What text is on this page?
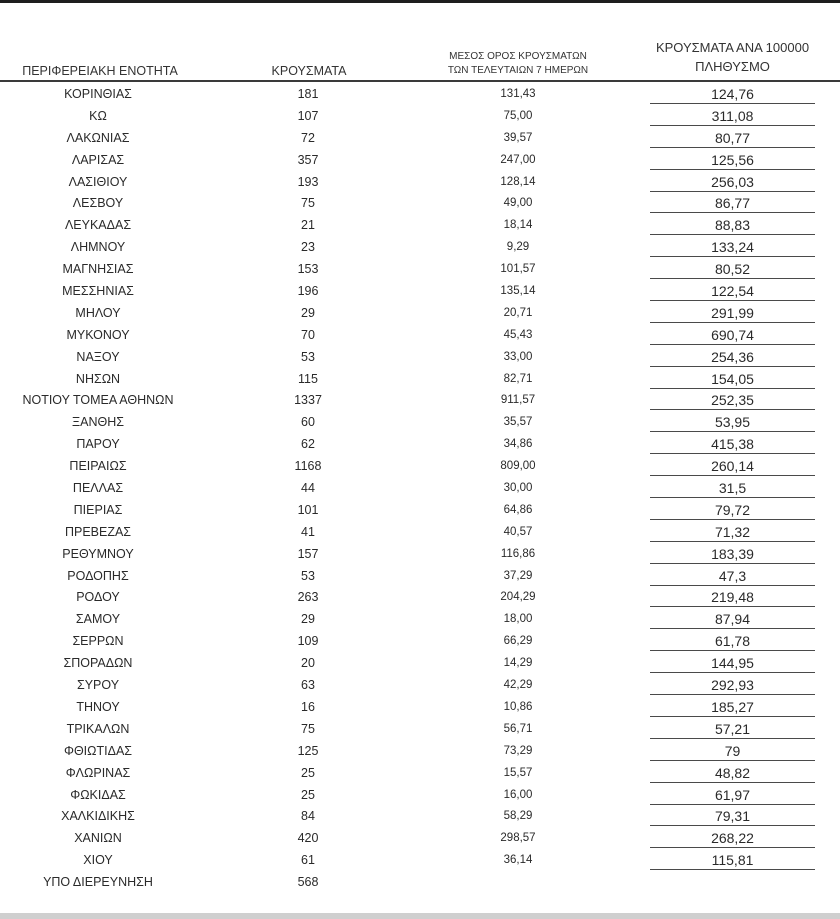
ΠΕΡΙΦΕΡΕΙΑΚΗ ΕΝΟΤΗΤΑ	ΚΡΟΥΣΜΑΤΑ
ΜΕΣΟΣ ΟΡΟΣ ΚΡΟΥΣΜΑΤΩΝ
ΤΩΝ ΤΕΛΕΥΤΑΙΩΝ 7 ΗΜΕΡΩΝ
ΚΡΟΥΣΜΑΤΑ ΑΝΑ 100000
ΠΛΗΘΥΣΜΟ
ΚΟΡΙΝΘΙΑΣ	181	131,43	124,76
ΚΩ	107	75,00	311,08
ΛΑΚΩΝΙΑΣ	72	39,57	80,77
ΛΑΡΙΣΑΣ	357	247,00	125,56
ΛΑΣΙΘΙΟΥ	193	128,14	256,03
ΛΕΣΒΟΥ	75	49,00	86,77
ΛΕΥΚΑΔΑΣ	21	18,14	88,83
ΛΗΜΝΟΥ	23	9,29	133,24
ΜΑΓΝΗΣΙΑΣ	153	101,57	80,52
ΜΕΣΣΗΝΙΑΣ	196	135,14	122,54
ΜΗΛΟΥ	29	20,71	291,99
ΜΥΚΟΝΟΥ	70	45,43	690,74
ΝΑΞΟΥ	53	33,00	254,36
ΝΗΣΩΝ	115	82,71	154,05
ΝΟΤΙΟΥ ΤΟΜΕΑ ΑΘΗΝΩΝ	1337	911,57	252,35
ΞΑΝΘΗΣ	60	35,57	53,95
ΠΑΡΟΥ	62	34,86	415,38
ΠΕΙΡΑΙΩΣ	1168	809,00	260,14
ΠΕΛΛΑΣ	44	30,00	31,5
ΠΙΕΡΙΑΣ	101	64,86	79,72
ΠΡΕΒΕΖΑΣ	41	40,57	71,32
ΡΕΘΥΜΝΟΥ	157	116,86	183,39
ΡΟΔΟΠΗΣ	53	37,29	47,3
ΡΟΔΟΥ	263	204,29	219,48
ΣΑΜΟΥ	29	18,00	87,94
ΣΕΡΡΩΝ	109	66,29	61,78
ΣΠΟΡΑΔΩΝ	20	14,29	144,95
ΣΥΡΟΥ	63	42,29	292,93
ΤΗΝΟΥ	16	10,86	185,27
ΤΡΙΚΑΛΩΝ	75	56,71	57,21
ΦΘΙΩΤΙΔΑΣ	125	73,29	79
ΦΛΩΡΙΝΑΣ	25	15,57	48,82
ΦΩΚΙΔΑΣ	25	16,00	61,97
ΧΑΛΚΙΔΙΚΗΣ	84	58,29	79,31
ΧΑΝΙΩΝ	420	298,57	268,22
ΧΙΟΥ	61	36,14	115,81
ΥΠΟ ΔΙΕΡΕΥΝΗΣΗ	568
